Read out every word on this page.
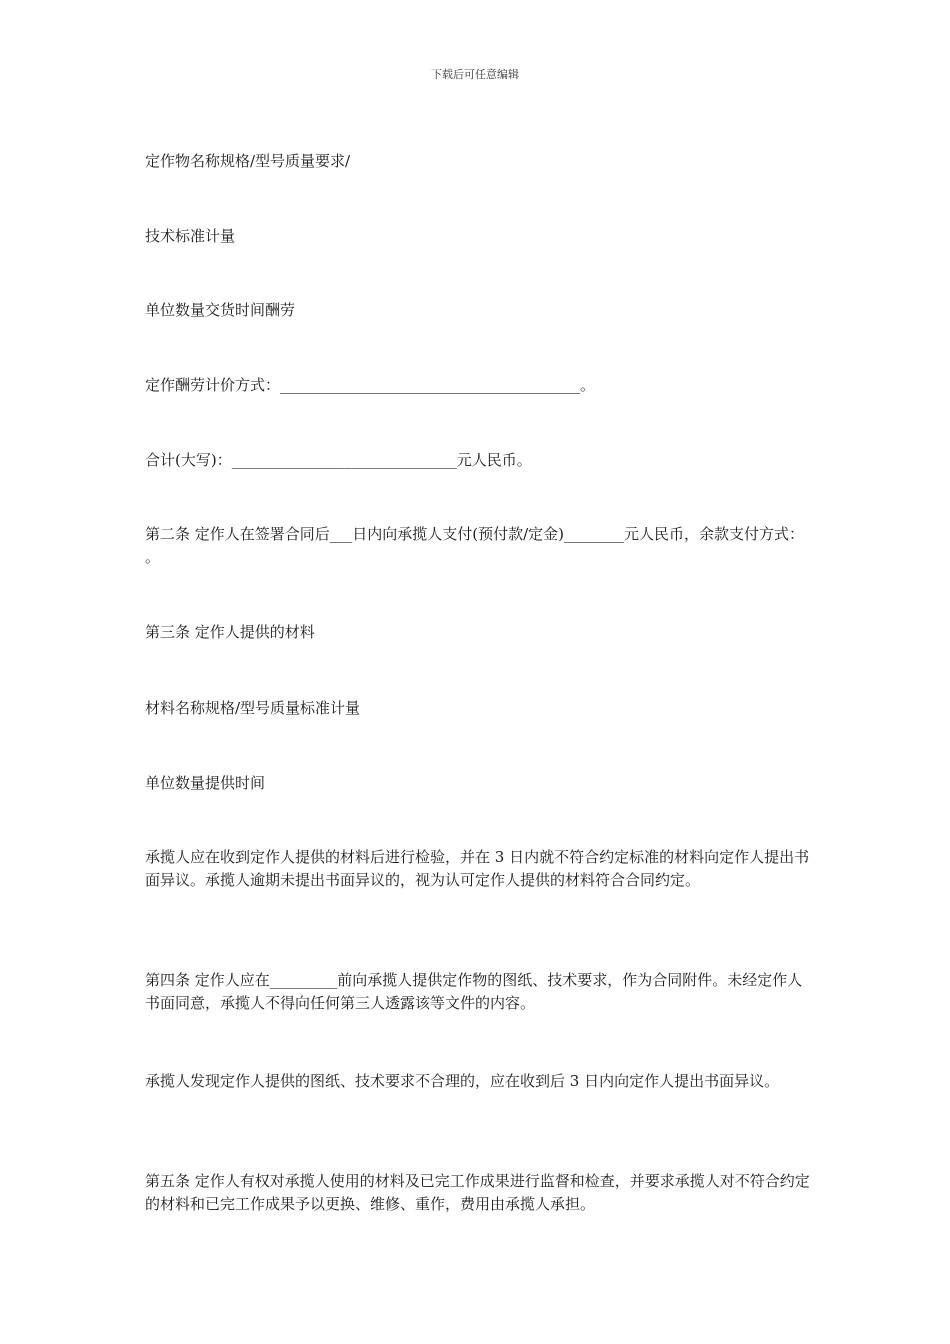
下载后可任意编辑

定作物名称规格/型号质量要求/

技术标准计量

单位数量交货时间酬劳

定作酬劳计价方式：________________________________________。

合计(大写)：______________________________元人民币。

第二条 定作人在签署合同后___日内向承揽人支付(预付款/定金)________元人民币，余款支付方式： 。

第三条 定作人提供的材料

材料名称规格/型号质量标准计量

单位数量提供时间

承揽人应在收到定作人提供的材料后进行检验，并在 3 日内就不符合约定标准的材料向定作人提出书面异议。承揽人逾期未提出书面异议的，视为认可定作人提供的材料符合合同约定。

第四条 定作人应在_________前向承揽人提供定作物的图纸、技术要求，作为合同附件。未经定作人书面同意，承揽人不得向任何第三人透露该等文件的内容。

承揽人发现定作人提供的图纸、技术要求不合理的，应在收到后 3 日内向定作人提出书面异议。

第五条 定作人有权对承揽人使用的材料及已完工作成果进行监督和检查，并要求承揽人对不符合约定的材料和已完工作成果予以更换、维修、重作，费用由承揽人承担。
